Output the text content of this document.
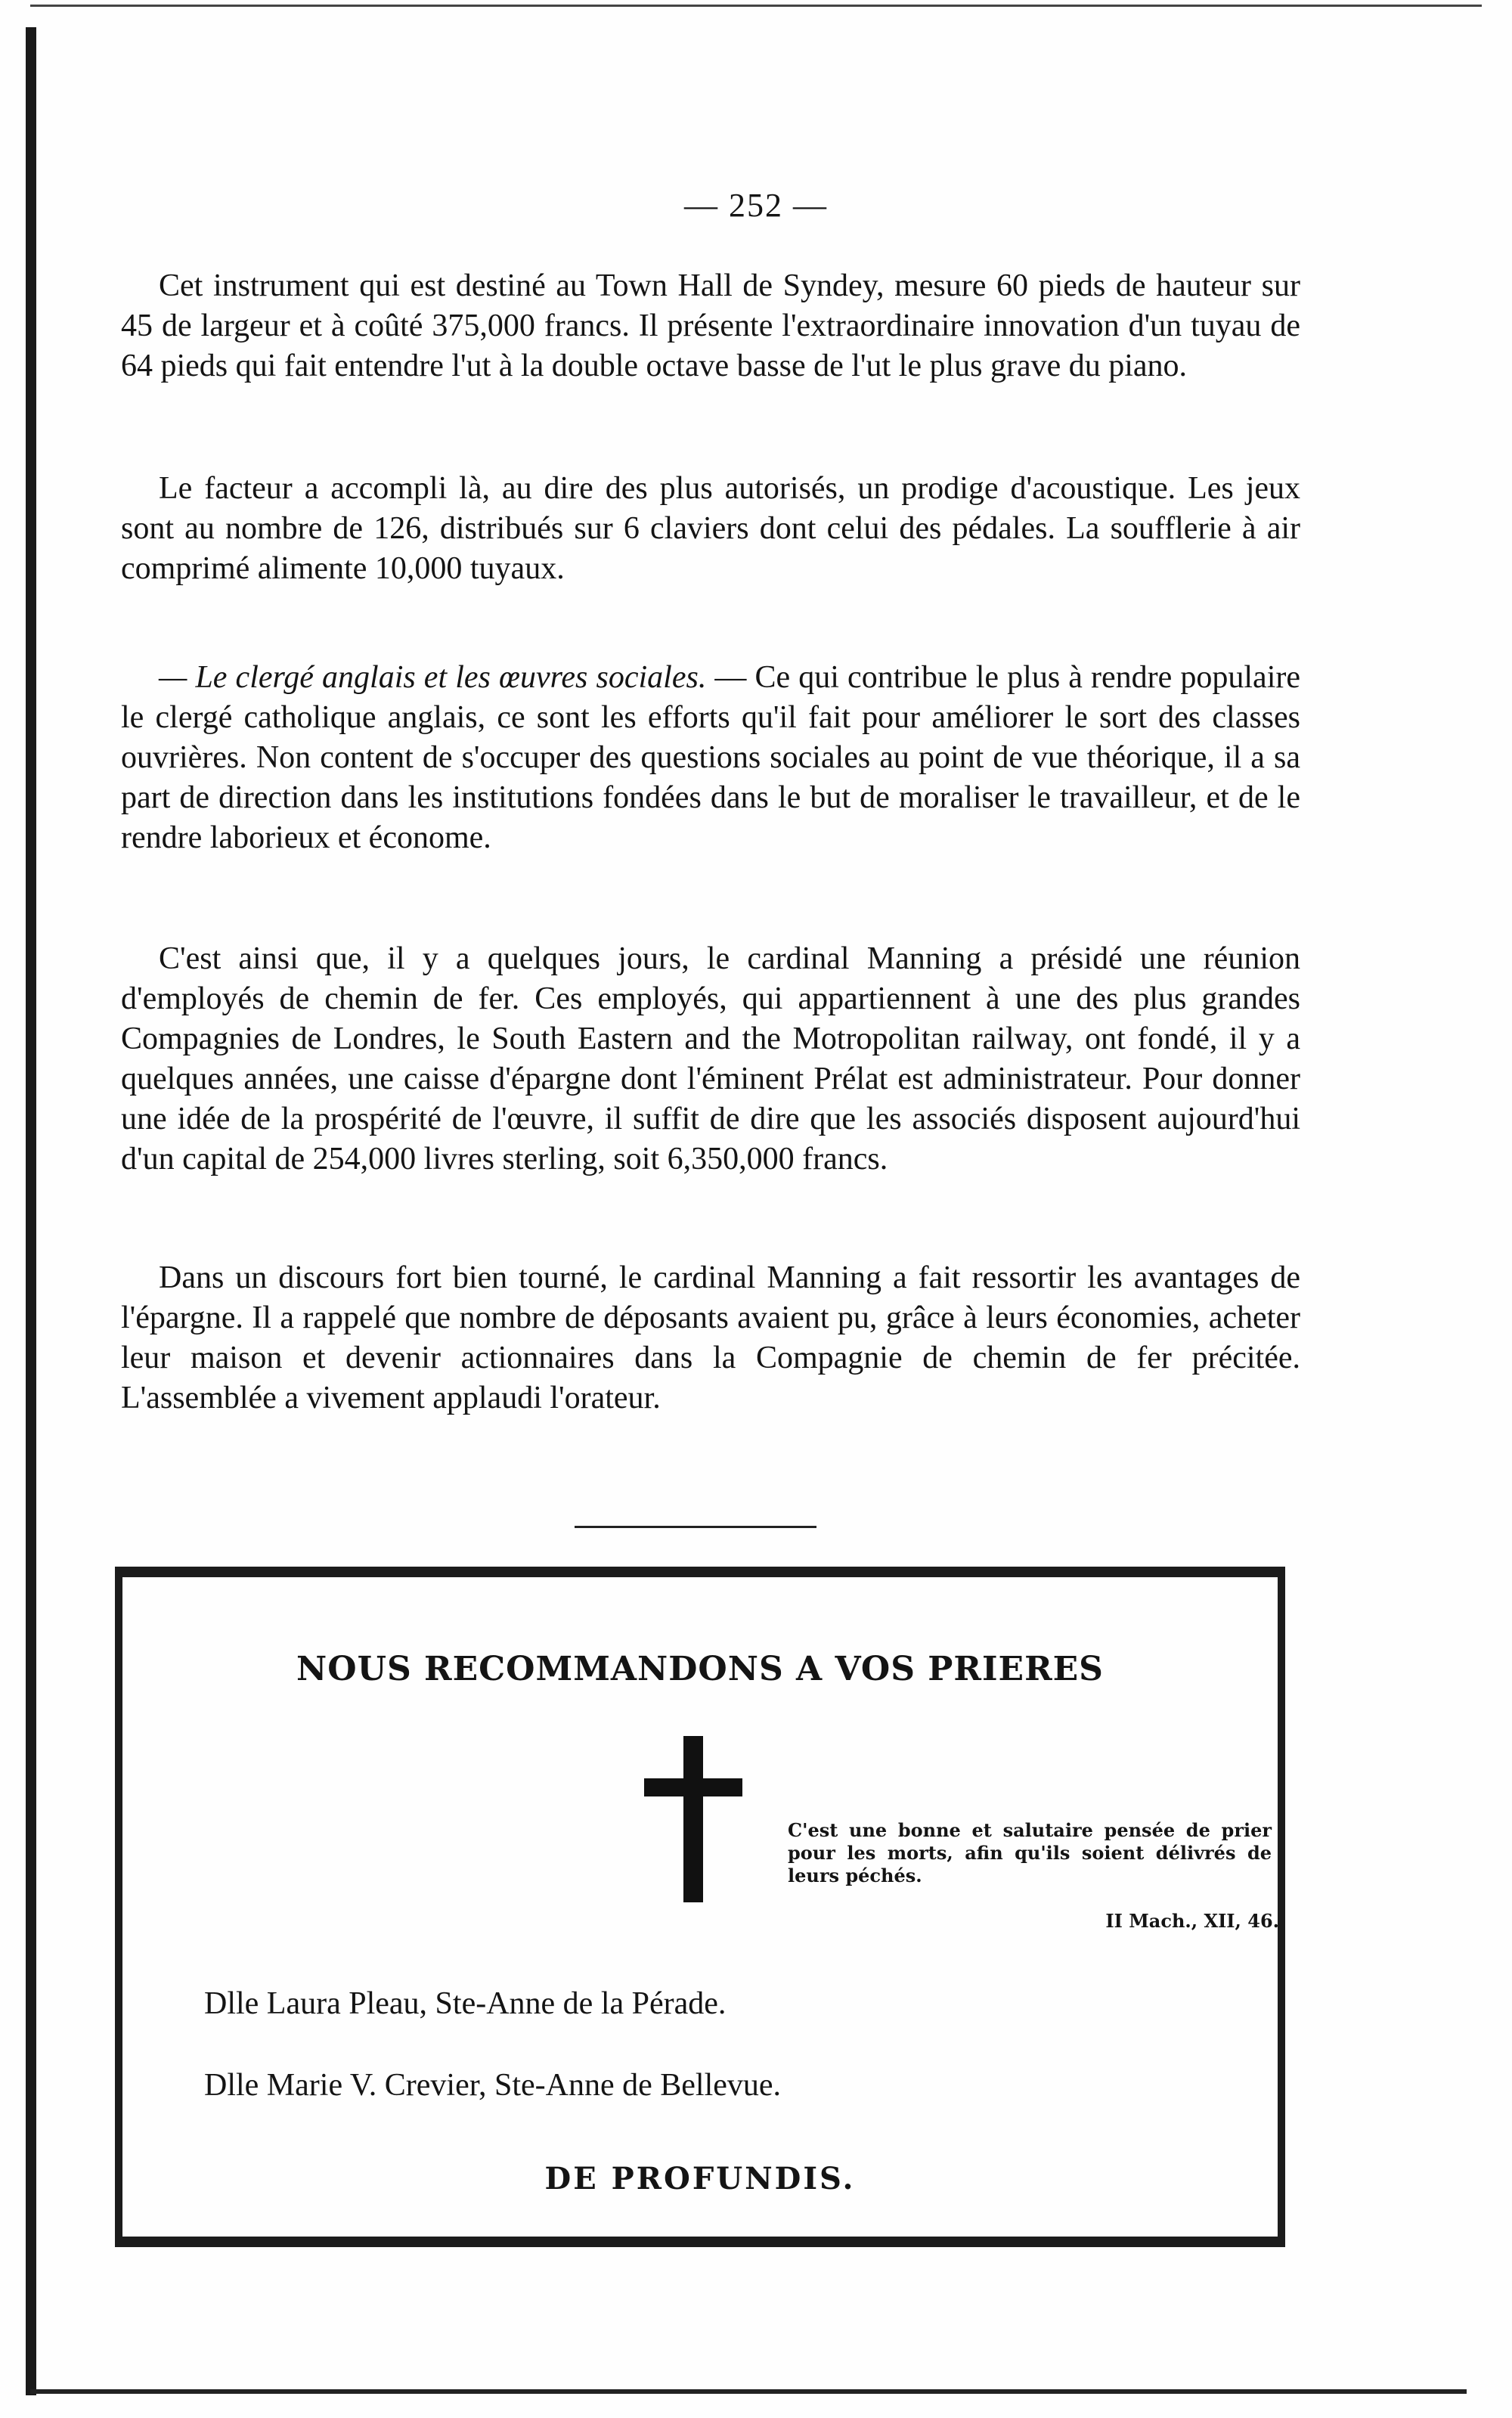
— 252 —

Cet instrument qui est destiné au Town Hall de Syndey, mesure 60 pieds de hauteur sur 45 de largeur et à coûté 375,000 francs. Il présente l'extraordinaire innovation d'un tuyau de 64 pieds qui fait entendre l'ut à la double octave basse de l'ut le plus grave du piano.

Le facteur a accompli là, au dire des plus autorisés, un prodige d'acoustique. Les jeux sont au nombre de 126, distribués sur 6 claviers dont celui des pédales. La soufflerie à air comprimé alimente 10,000 tuyaux.

— Le clergé anglais et les œuvres sociales. — Ce qui contribue le plus à rendre populaire le clergé catholique anglais, ce sont les efforts qu'il fait pour améliorer le sort des classes ouvrières. Non content de s'occuper des questions sociales au point de vue théorique, il a sa part de direction dans les institutions fondées dans le but de moraliser le travailleur, et de le rendre laborieux et économe.

C'est ainsi que, il y a quelques jours, le cardinal Manning a présidé une réunion d'employés de chemin de fer. Ces employés, qui appartiennent à une des plus grandes Compagnies de Londres, le South Eastern and the Motropolitan railway, ont fondé, il y a quelques années, une caisse d'épargne dont l'éminent Prélat est administrateur. Pour donner une idée de la prospérité de l'œuvre, il suffit de dire que les associés disposent aujourd'hui d'un capital de 254,000 livres sterling, soit 6,350,000 francs.

Dans un discours fort bien tourné, le cardinal Manning a fait ressortir les avantages de l'épargne. Il a rappelé que nombre de déposants avaient pu, grâce à leurs économies, acheter leur maison et devenir actionnaires dans la Compagnie de chemin de fer précitée. L'assemblée a vivement applaudi l'orateur.

NOUS RECOMMANDONS A VOS PRIERES
C'est une bonne et salutaire pensée de prier pour les morts, afin qu'ils soient délivrés de leurs péchés.
II Mach., XII, 46.
Dlle Laura Pleau, Ste-Anne de la Pérade.
Dlle Marie V. Crevier, Ste-Anne de Bellevue.
DE PROFUNDIS.
